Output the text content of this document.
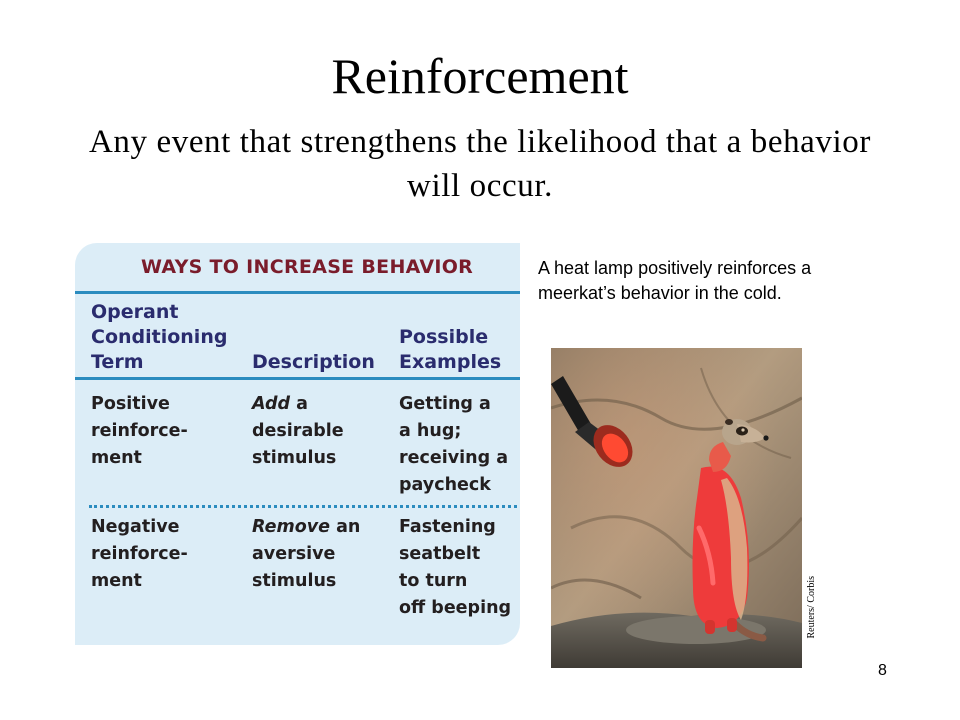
Reinforcement
Any event that strengthens the likelihood that a behavior will occur.
WAYS TO INCREASE BEHAVIOR
Operant
Conditioning
Term	Description
Possible
Examples
Positive
reinforce-
ment
Add a
desirable
stimulus
Getting a
a hug;
receiving a
paycheck
Negative
reinforce-
ment
Remove an
aversive
stimulus
Fastening
seatbelt
to turn
off beeping
A heat lamp positively reinforces a meerkat’s behavior in the cold.
Reuters/ Corbis
8
